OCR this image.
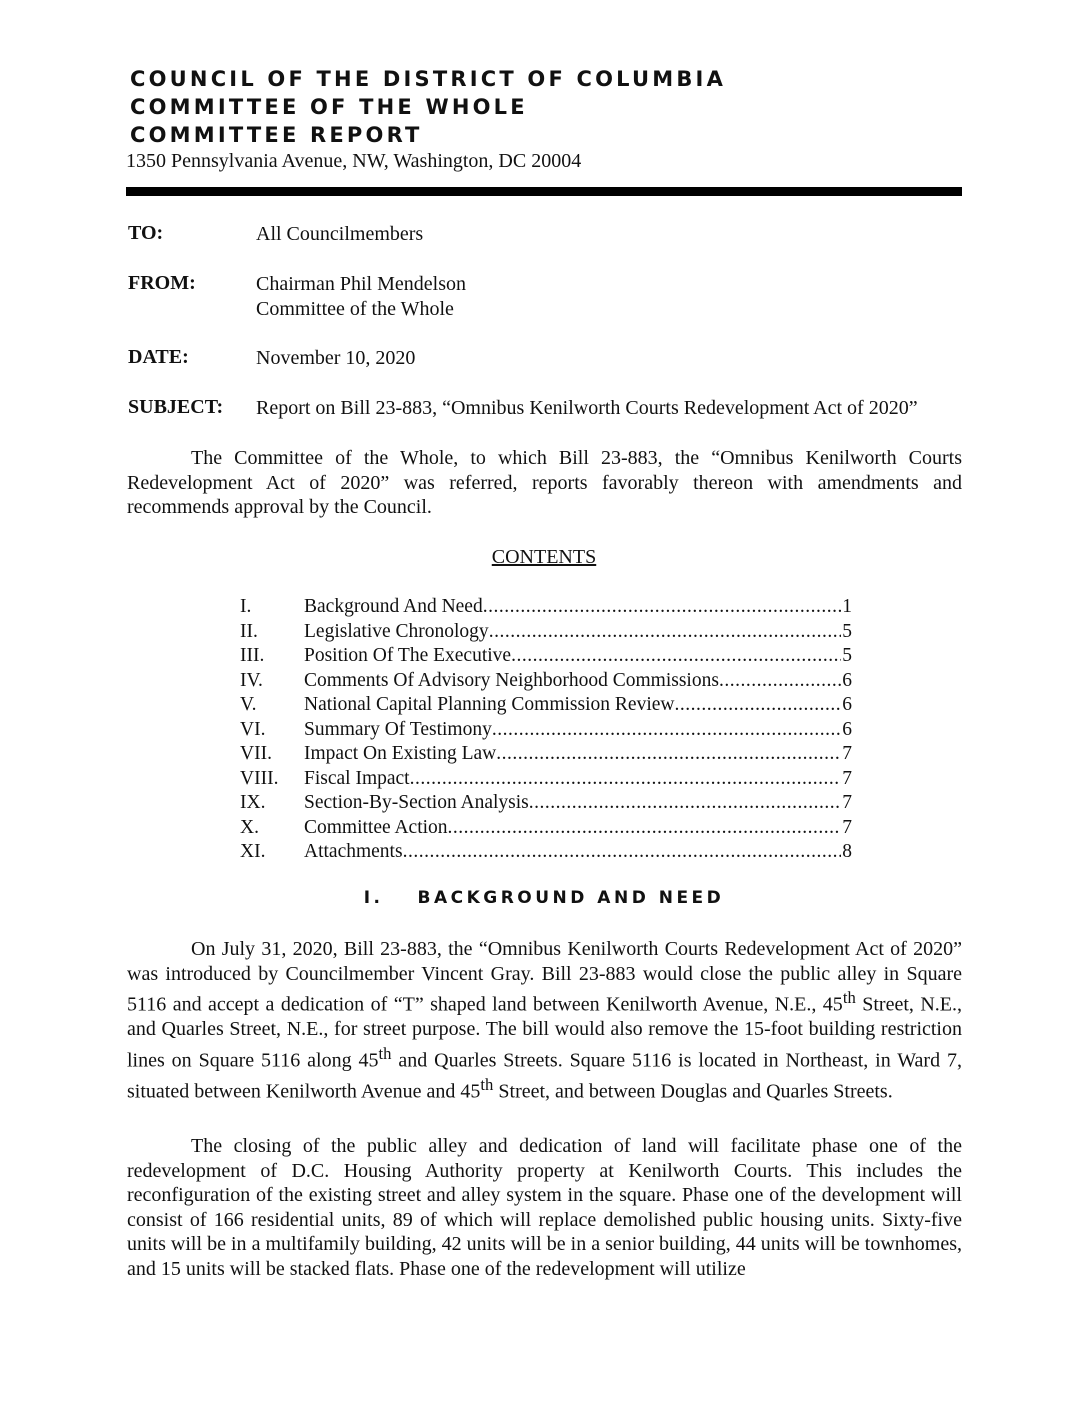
COUNCIL OF THE DISTRICT OF COLUMBIA
COMMITTEE OF THE WHOLE
COMMITTEE REPORT
1350 Pennsylvania Avenue, NW, Washington, DC 20004
TO:	All Councilmembers
FROM:	Chairman Phil Mendelson
Committee of the Whole
DATE:	November 10, 2020
SUBJECT: Report on Bill 23-883, “Omnibus Kenilworth Courts Redevelopment Act of 2020”

The Committee of the Whole, to which Bill 23-883, the “Omnibus Kenilworth Courts Redevelopment Act of 2020” was referred, reports favorably thereon with amendments and recommends approval by the Council.

CONTENTS
I.	Background And Need .....	1
II. Legislative Chronology .....	5
III. Position Of The Executive .....	5
IV. Comments Of Advisory Neighborhood Commissions .....	6
V. National Capital Planning Commission Review .....	6
VI. Summary Of Testimony .....	6
VII. Impact On Existing Law .....	7
VIII. Fiscal Impact .....	7
IX. Section-By-Section Analysis .....	7
X. Committee Action .....	7
XI. Attachments .....	8
I. BACKGROUND AND NEED

On July 31, 2020, Bill 23-883, the “Omnibus Kenilworth Courts Redevelopment Act of 2020” was introduced by Councilmember Vincent Gray. Bill 23-883 would close the public alley in Square 5116 and accept a dedication of “T” shaped land between Kenilworth Avenue, N.E., 45th Street, N.E., and Quarles Street, N.E., for street purpose. The bill would also remove the 15-foot building restriction lines on Square 5116 along 45th and Quarles Streets. Square 5116 is located in Northeast, in Ward 7, situated between Kenilworth Avenue and 45th Street, and between Douglas and Quarles Streets.

The closing of the public alley and dedication of land will facilitate phase one of the redevelopment of D.C. Housing Authority property at Kenilworth Courts. This includes the reconfiguration of the existing street and alley system in the square. Phase one of the development will consist of 166 residential units, 89 of which will replace demolished public housing units. Sixty-five units will be in a multifamily building, 42 units will be in a senior building, 44 units will be townhomes, and 15 units will be stacked flats. Phase one of the redevelopment will utilize
